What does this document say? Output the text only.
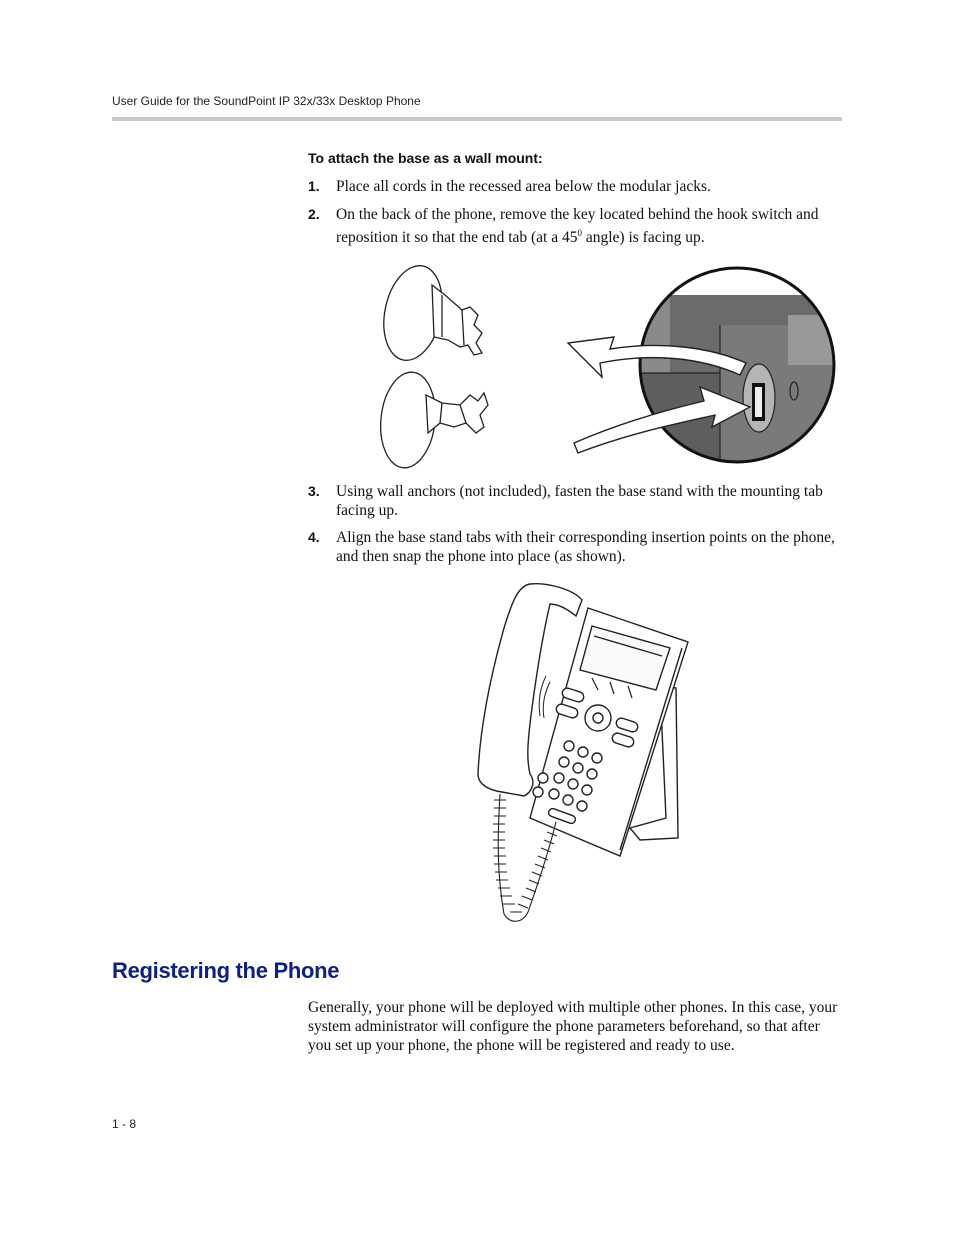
User Guide for the SoundPoint IP 32x/33x Desktop Phone
To attach the base as a wall mount:
1. Place all cords in the recessed area below the modular jacks.
2. On the back of the phone, remove the key located behind the hook switch and reposition it so that the end tab (at a $45^0$ angle) is facing up.
3. Using wall anchors (not included), fasten the base stand with the mounting tab facing up.
4. Align the base stand tabs with their corresponding insertion points on the phone, and then snap the phone into place (as shown).
Registering the Phone
Generally, your phone will be deployed with multiple other phones. In this case, your system administrator will configure the phone parameters beforehand, so that after you set up your phone, the phone will be registered and ready to use.
1 - 8
